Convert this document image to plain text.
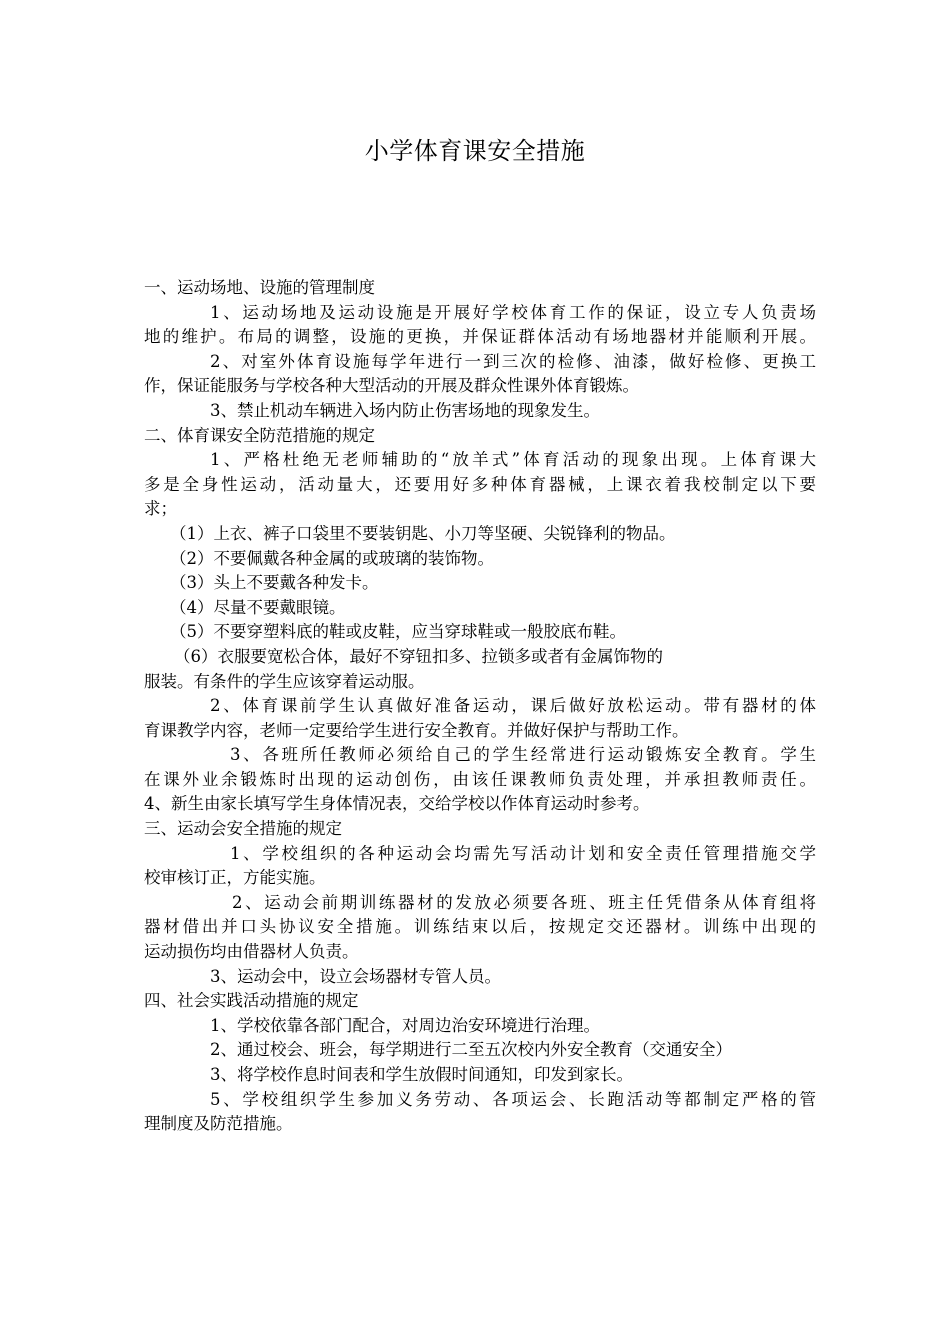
小学体育课安全措施
一、运动场地、设施的管理制度
1、运动场地及运动设施是开展好学校体育工作的保证，设立专人负责场
地的维护。布局的调整，设施的更换，并保证群体活动有场地器材并能顺利开展。
2、对室外体育设施每学年进行一到三次的检修、油漆，做好检修、更换工
作，保证能服务与学校各种大型活动的开展及群众性课外体育锻炼。
3、禁止机动车辆进入场内防止伤害场地的现象发生。
二、体育课安全防范措施的规定
1、严格杜绝无老师辅助的“放羊式”体育活动的现象出现。上体育课大
多是全身性运动，活动量大，还要用好多种体育器械，上课衣着我校制定以下要
求；
（1）上衣、裤子口袋里不要装钥匙、小刀等坚硬、尖锐锋利的物品。
（2）不要佩戴各种金属的或玻璃的装饰物。
（3）头上不要戴各种发卡。
（4）尽量不要戴眼镜。
（5）不要穿塑料底的鞋或皮鞋，应当穿球鞋或一般胶底布鞋。
（6）衣服要宽松合体，最好不穿钮扣多、拉锁多或者有金属饰物的
服装。有条件的学生应该穿着运动服。
2、体育课前学生认真做好准备运动，课后做好放松运动。带有器材的体
育课教学内容，老师一定要给学生进行安全教育。并做好保护与帮助工作。
3、各班所任教师必须给自己的学生经常进行运动锻炼安全教育。学生
在课外业余锻炼时出现的运动创伤，由该任课教师负责处理，并承担教师责任。
4、新生由家长填写学生身体情况表，交给学校以作体育运动时参考。
三、运动会安全措施的规定
1、学校组织的各种运动会均需先写活动计划和安全责任管理措施交学
校审核订正，方能实施。
2、运动会前期训练器材的发放必须要各班、班主任凭借条从体育组将
器材借出并口头协议安全措施。训练结束以后，按规定交还器材。训练中出现的
运动损伤均由借器材人负责。
3、运动会中，设立会场器材专管人员。
四、社会实践活动措施的规定
1、学校依靠各部门配合，对周边治安环境进行治理。
2、通过校会、班会，每学期进行二至五次校内外安全教育（交通安全）
3、将学校作息时间表和学生放假时间通知，印发到家长。
5、学校组织学生参加义务劳动、各项运会、长跑活动等都制定严格的管
理制度及防范措施。
